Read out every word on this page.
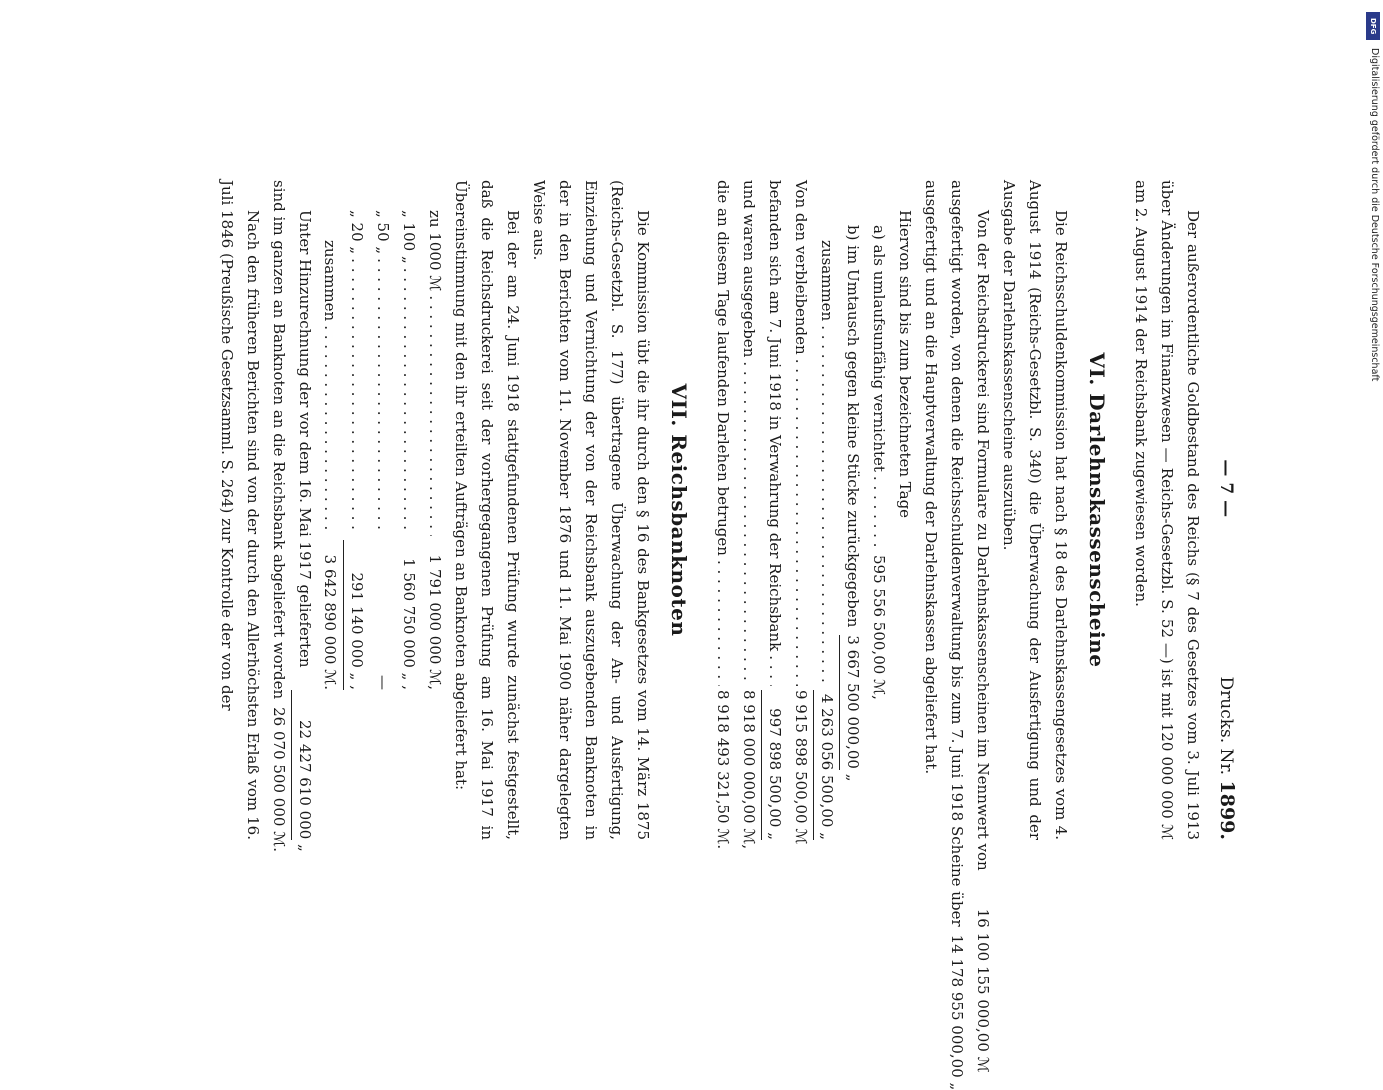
— 7 —
Drucks. Nr. 1899.

Der außerordentliche Goldbestand des Reichs (§ 7 des Gesetzes vom 3. Juli 1913 über Änderungen im Finanzwesen — Reichs-Gesetzbl. S. 52 —) ist mit 120 000 000 ℳ am 2. August 1914 der Reichsbank zugewiesen worden.

VI. Darlehnskassenscheine

Die Reichsschuldenkommission hat nach § 18 des Darlehnskassengesetzes vom 4. August 1914 (Reichs-Gesetzbl. S. 340) die Überwachung der Ausfertigung und der Ausgabe der Darlehnskassenscheine auszuüben.

Von der Reichsdruckerei sind Formulare zu Darlehnskassenscheinen im Nennwert von
16 100 155 000,00 ℳ
ausgefertigt worden, von denen die Reichsschuldenverwaltung bis zum 7. Juni 1918 Scheine über
14 178 955 000,00 „

ausgefertigt und an die Hauptverwaltung der Darlehnskassen abgeliefert hat.

Hiervon sind bis zum bezeichneten Tage
a) als umlaufsunfähig vernichtet
. . .
595 556 500,00 ℳ,
b) im Umtausch gegen kleine Stücke zurückgegeben
3 667 500 000,00 „
zusammen
. . .
4 263 056 500,00 „
Von den verbleibenden
. . .
9 915 898 500,00 ℳ
befanden sich am 7. Juni 1918 in Verwahrung der Reichsbank
. . .
997 898 500,00 „
und waren ausgegeben
. . .
8 918 000 000,00 ℳ,
die an diesem Tage laufenden Darlehen betrugen
. . .
8 918 493 321,50 ℳ.
VII. Reichsbanknoten

Die Kommission übt die ihr durch den § 16 des Bankgesetzes vom 14. März 1875 (Reichs-Gesetzbl. S. 177) übertragene Überwachung der An- und Ausfertigung, Einziehung und Vernichtung der von der Reichsbank auszugebenden Banknoten in der in den Berichten vom 11. November 1876 und 11. Mai 1900 näher dargelegten Weise aus.

Bei der am 24. Juni 1918 stattgefundenen Prüfung wurde zunächst festgestellt, daß die Reichsdruckerei seit der vorhergegangenen Prüfung am 16. Mai 1917 in Übereinstimmung mit den ihr erteilten Aufträgen an Banknoten abgeliefert hat:

zu 1000 ℳ
. . .
1 791 000 000 ℳ,
„ 100 „
. . .
1 560 750 000 „ ,
„ 50 „
. . .
—
„ 20 „
. . .
291 140 000 „ ,
zusammen
. . .
3 642 890 000 ℳ.
Unter Hinzurechnung der vor dem 16. Mai 1917 gelieferten
. . .
22 427 610 000 „
sind im ganzen an Banknoten an die Reichsbank abgeliefert worden
26 070 500 000 ℳ.

Nach den früheren Berichten sind von der durch den Allerhöchsten Erlaß vom 16. Juli 1846 (Preußische Gesetzsamml. S. 264) zur Kontrolle der von der

DFG
Digitalisierung gefördert durch die Deutsche Forschungsgemeinschaft
